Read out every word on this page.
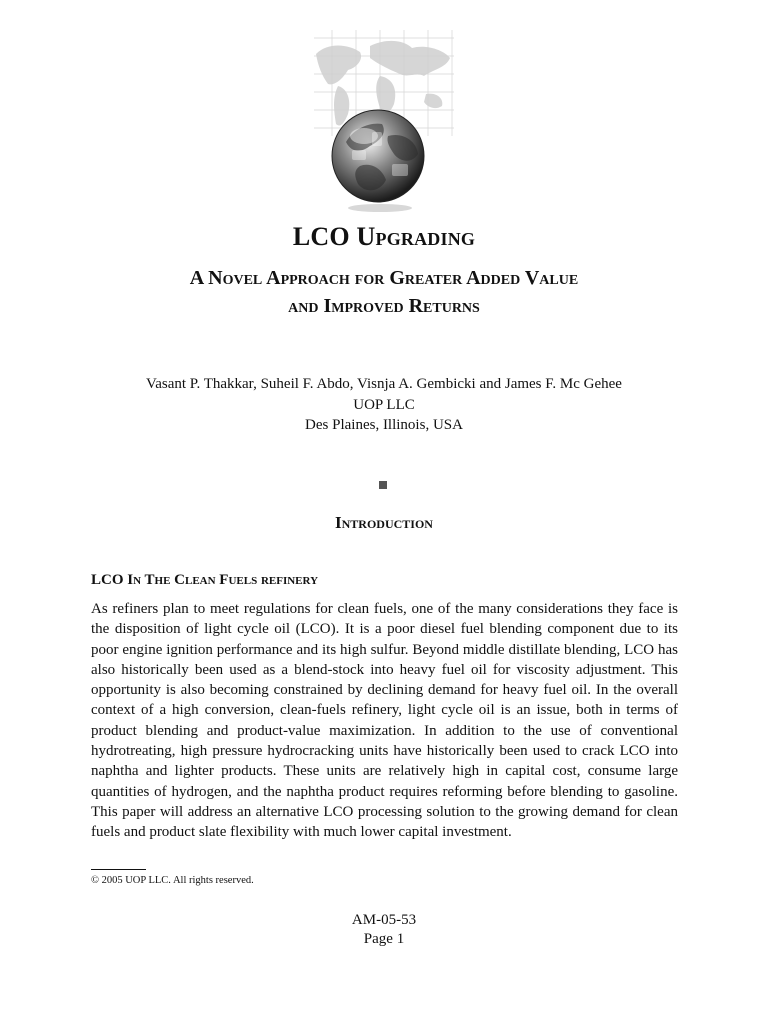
LCO Upgrading
A Novel Approach for Greater Added Value
and Improved Returns
Vasant P. Thakkar, Suheil F. Abdo, Visnja A. Gembicki and James F. Mc Gehee
UOP LLC
Des Plaines, Illinois, USA
Introduction
LCO In The Clean Fuels refinery
As refiners plan to meet regulations for clean fuels, one of the many considerations they face is the disposition of light cycle oil (LCO). It is a poor diesel fuel blending component due to its poor engine ignition performance and its high sulfur. Beyond middle distillate blending, LCO has also historically been used as a blend-stock into heavy fuel oil for viscosity adjustment. This opportunity is also becoming constrained by declining demand for heavy fuel oil. In the overall context of a high conversion, clean-fuels refinery, light cycle oil is an issue, both in terms of product blending and product-value maximization. In addition to the use of conventional hydrotreating, high pressure hydrocracking units have historically been used to crack LCO into naphtha and lighter products. These units are relatively high in capital cost, consume large quantities of hydrogen, and the naphtha product requires reforming before blending to gasoline. This paper will address an alternative LCO processing solution to the growing demand for clean fuels and product slate flexibility with much lower capital investment.
© 2005 UOP LLC. All rights reserved.
AM-05-53
Page 1
